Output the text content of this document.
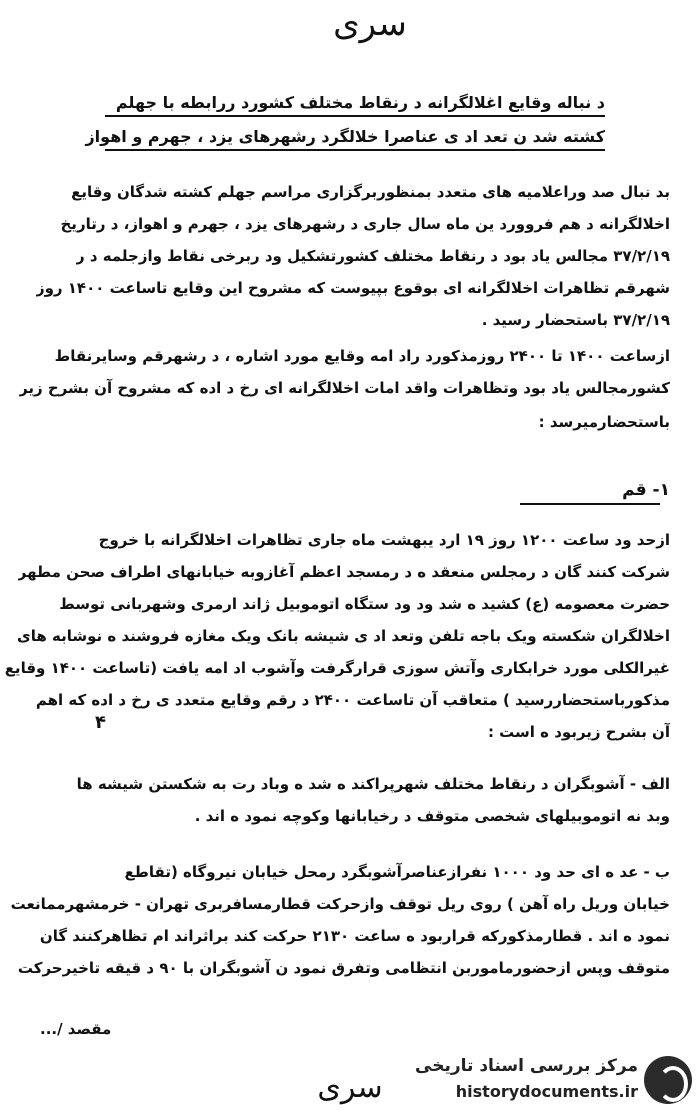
سری
د نباله وقایع اغلالگرانه د رنقاط مختلف کشورد ررابطه با جهلم
کشته شد ن تعد اد ی عناصرا خلالگرد رشهرهای یزد ، جهرم و اهواز
بد نبال صد وراعلامیه های متعدد بمنظوربرگزاری مراسم جهلم کشته شدگان وقایع
اخلالگرانه د هم فروورد ین ماه سال جاری د رشهرهای یزد ، جهرم و اهواز، د رتاریخ
۳۷/۲/۱۹ مجالس یاد بود د رنقاط مختلف کشورتشکیل ود ربرخی نقاط وازجلمه د ر
شهرقم تظاهرات اخلالگرانه ای بوقوع بپیوست که مشروح این وقایع تاساعت ۱۴۰۰ روز
۳۷/۲/۱۹ باستحضار رسید .
ازساعت ۱۴۰۰ تا ۲۴۰۰ روزمذکورد راد امه وقایع مورد اشاره ، د رشهرقم وسایرنقاط
کشورمجالس یاد بود وتظاهرات واقد امات اخلالگرانه ای رخ د اده که مشروح آن بشرح زیر
باستحضارمیرسد :
۱- قم
ازحد ود ساعت ۱۲۰۰ روز ۱۹ ارد یبهشت ماه جاری تظاهرات اخلالگرانه با خروج
شرکت کنند گان د رمجلس منعقد ه د رمسجد اعظم آغازوبه خیابانهای اطراف صحن مطهر
حضرت معصومه (ع) کشید ه شد ود ود ستگاه اتوموبیل ژاند ارمری وشهربانی توسط
اخلالگران شکسته ویک باجه تلفن وتعد اد ی شیشه بانک ویک مغازه فروشند ه نوشابه های
غیرالکلی مورد خرابکاری وآتش سوزی قرارگرفت وآشوب اد امه یافت (تاساعت ۱۴۰۰ وقایع
مذکورباستحضاررسید ) متعاقب آن تاساعت ۲۴۰۰ د رقم وقایع متعدد ی رخ د اده که اهم
آن بشرح زیربود ه است :
۴
الف - آشوبگران د رنقاط مختلف شهرپراکند ه شد ه وباد رت به شکستن شیشه ها
وبد نه اتوموبیلهای شخصی متوقف د رخیابانها وکوچه نمود ه اند .
ب - عد ه ای حد ود ۱۰۰۰ نفرازعناصرآشوبگرد رمحل خیابان نیروگاه (تقاطع
خیابان وریل راه آهن ) روی ریل توقف وازحرکت قطارمسافربری تهران - خرمشهرممانعت
نمود ه اند . قطارمذکورکه قراربود ه ساعت ۲۱۳۰ حرکت کند براثراند ام تظاهرکنند گان
متوقف وپس ازحضورماموربن انتظامی وتفرق نمود ن آشوبگران با ۹۰ د قیقه تاخیرحرکت
مقصد /...
سری
مرکز بررسی اسناد تاریخی
historydocuments.ir
